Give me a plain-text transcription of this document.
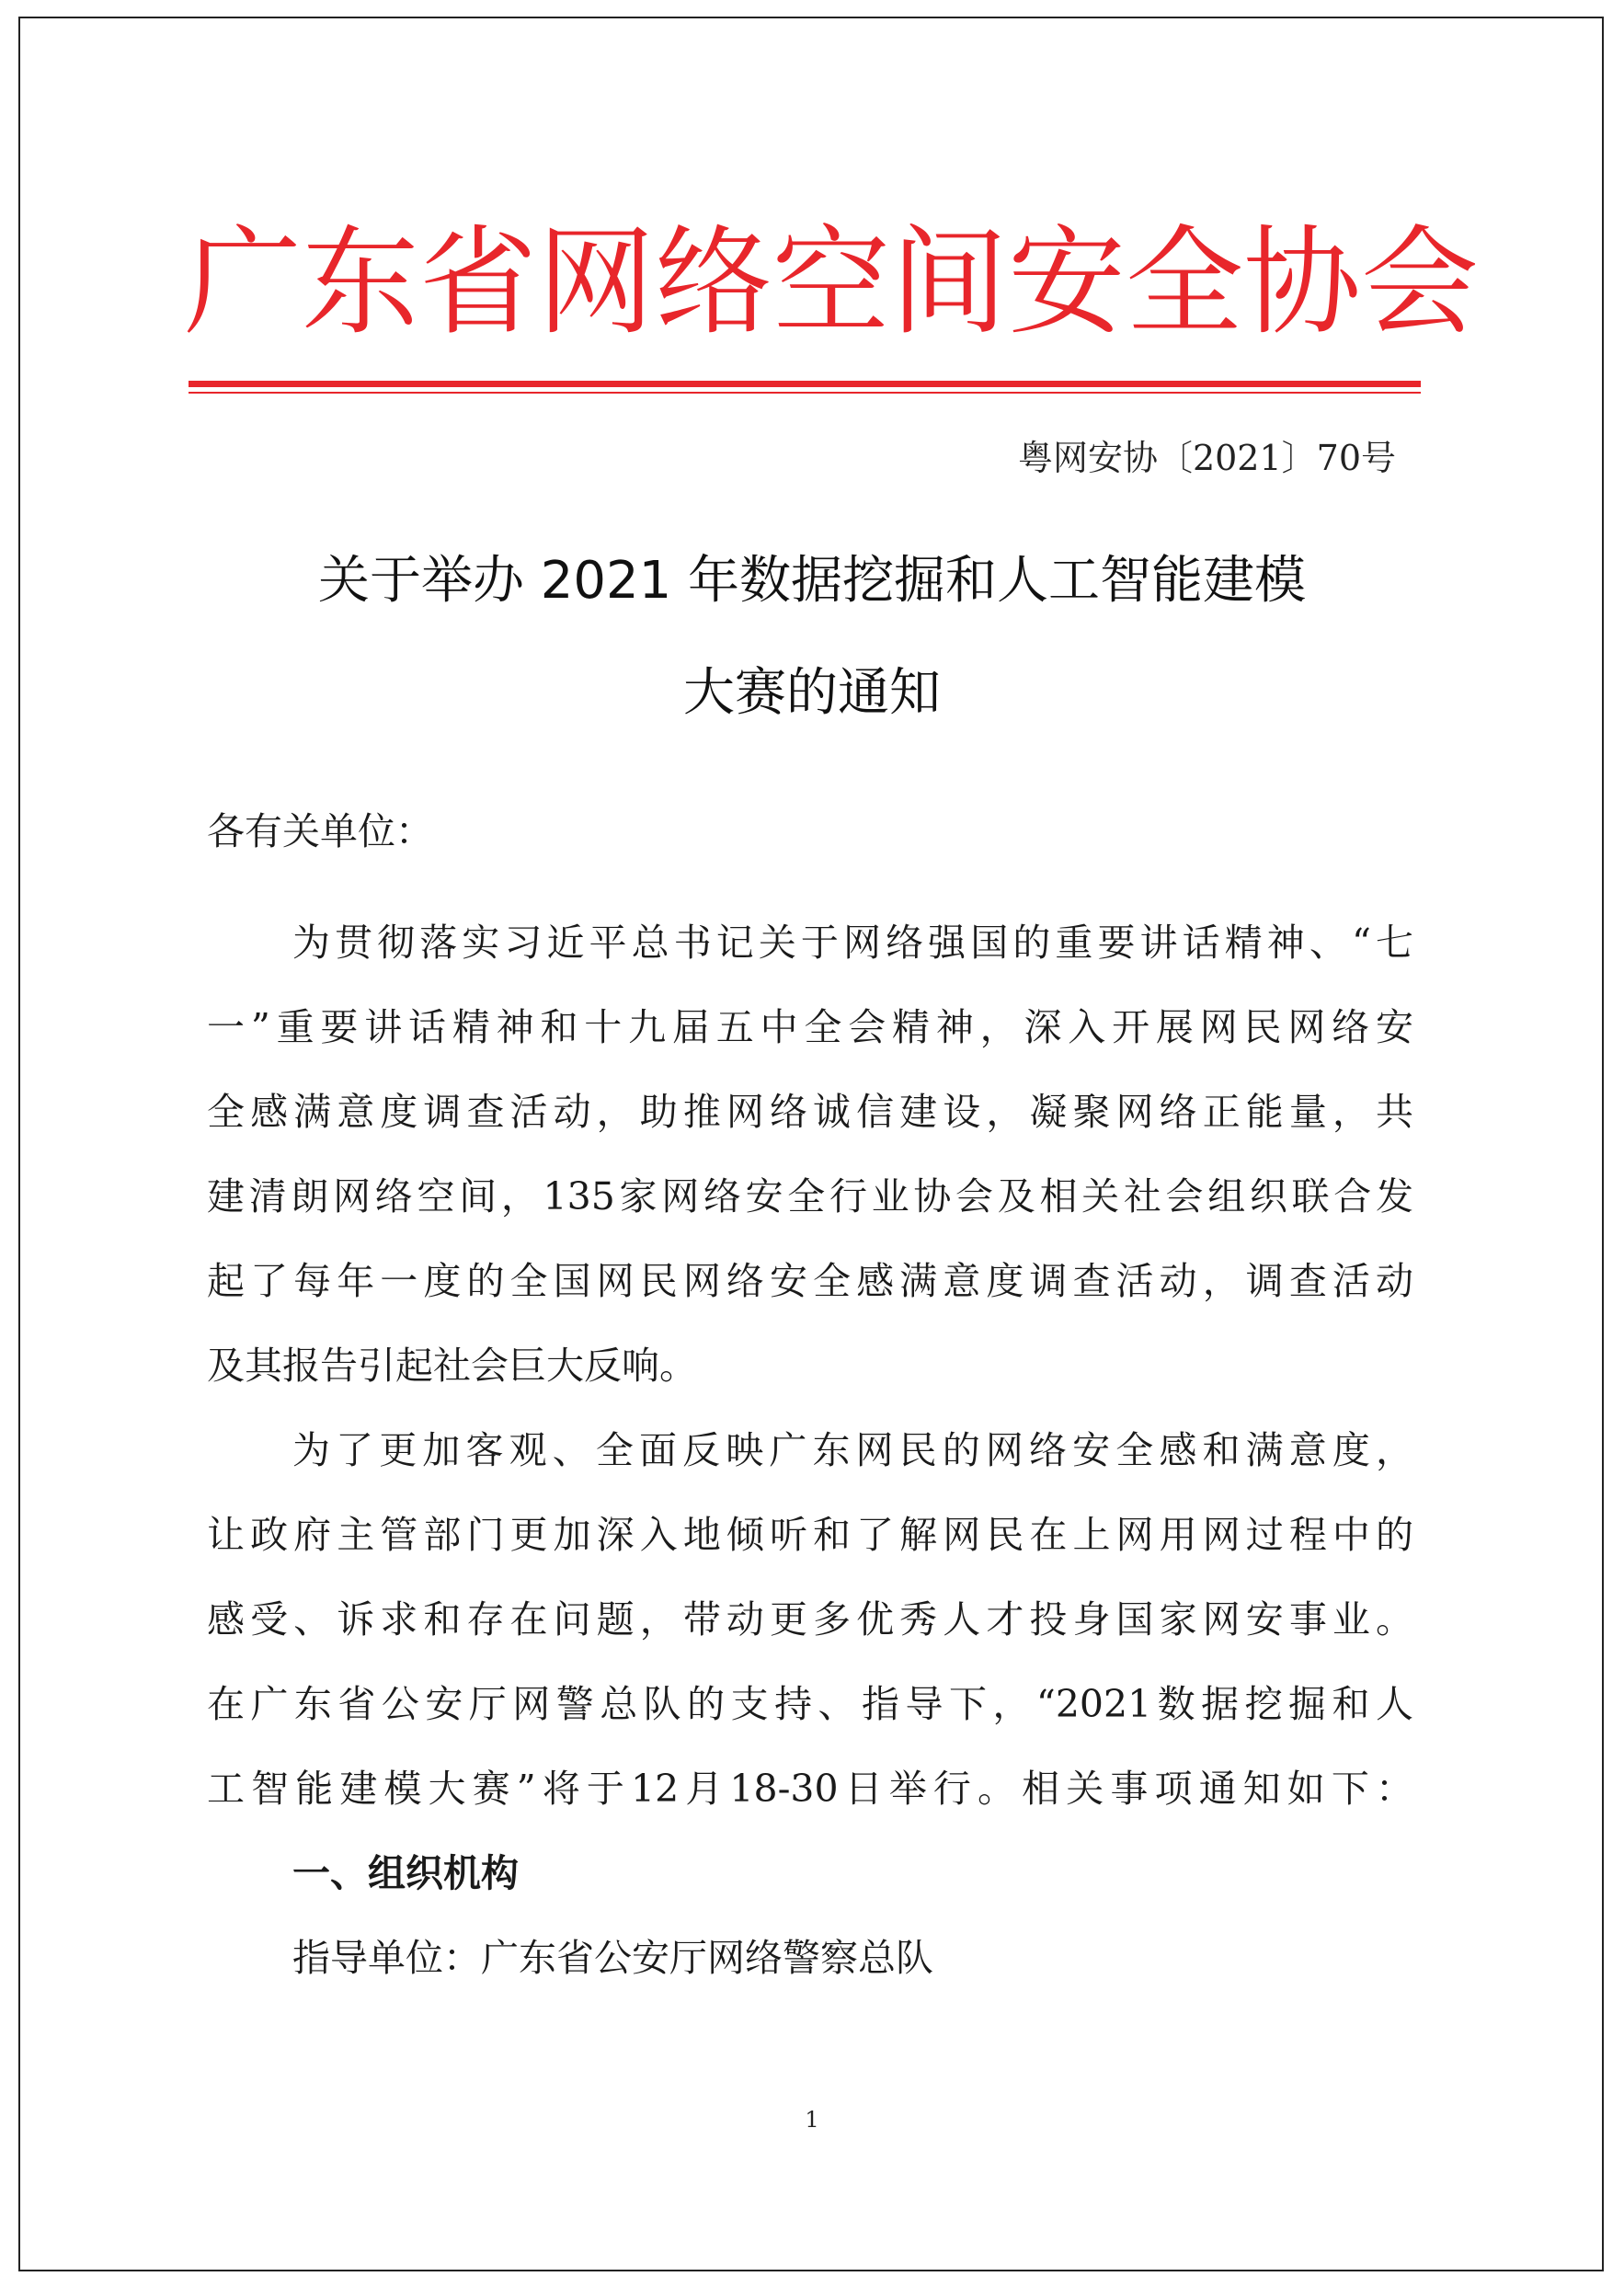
广东省网络空间安全协会
粤网安协〔2021〕70号
关于举办 2021 年数据挖掘和人工智能建模
大赛的通知
各有关单位：
为贯彻落实习近平总书记关于网络强国的重要讲话精神、“七
一”重要讲话精神和十九届五中全会精神，深入开展网民网络安
全感满意度调查活动，助推网络诚信建设，凝聚网络正能量，共
建清朗网络空间，135家网络安全行业协会及相关社会组织联合发
起了每年一度的全国网民网络安全感满意度调查活动，调查活动
及其报告引起社会巨大反响。
为了更加客观、全面反映广东网民的网络安全感和满意度，
让政府主管部门更加深入地倾听和了解网民在上网用网过程中的
感受、诉求和存在问题，带动更多优秀人才投身国家网安事业。
在广东省公安厅网警总队的支持、指导下，“2021数据挖掘和人
工智能建模大赛”将于12月18-30日举行。相关事项通知如下：
一、组织机构
指导单位：广东省公安厅网络警察总队
1
